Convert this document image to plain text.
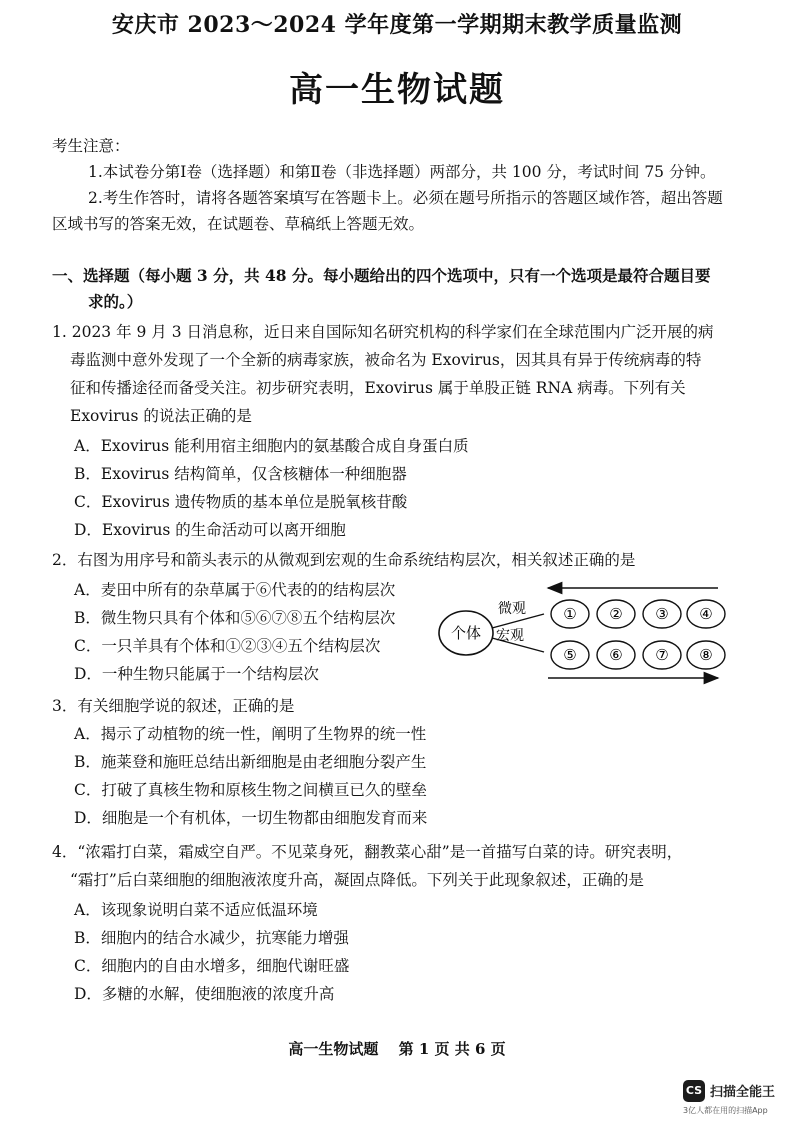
安庆市 2023～2024 学年度第一学期期末教学质量监测
高一生物试题
考生注意：
1.本试卷分第Ⅰ卷（选择题）和第Ⅱ卷（非选择题）两部分，共 100 分，考试时间 75 分钟。
2.考生作答时，请将各题答案填写在答题卡上。必须在题号所指示的答题区域作答，超出答题
区域书写的答案无效，在试题卷、草稿纸上答题无效。
一、选择题（每小题 3 分，共 48 分。每小题给出的四个选项中，只有一个选项是最符合题目要
求的。）
1. 2023 年 9 月 3 日消息称，近日来自国际知名研究机构的科学家们在全球范围内广泛开展的病
毒监测中意外发现了一个全新的病毒家族，被命名为 Exovirus，因其具有异于传统病毒的特
征和传播途径而备受关注。初步研究表明，Exovirus 属于单股正链 RNA 病毒。下列有关
Exovirus 的说法正确的是
A．Exovirus 能利用宿主细胞内的氨基酸合成自身蛋白质
B．Exovirus 结构简单，仅含核糖体一种细胞器
C．Exovirus 遗传物质的基本单位是脱氧核苷酸
D．Exovirus 的生命活动可以离开细胞
2．右图为用序号和箭头表示的从微观到宏观的生命系统结构层次，相关叙述正确的是
A．麦田中所有的杂草属于⑥代表的的结构层次
B．微生物只具有个体和⑤⑥⑦⑧五个结构层次
C．一只羊具有个体和①②③④五个结构层次
D．一种生物只能属于一个结构层次
个体
微观
宏观
① ② ③ ④
⑤ ⑥ ⑦ ⑧
3．有关细胞学说的叙述，正确的是
A．揭示了动植物的统一性，阐明了生物界的统一性
B．施莱登和施旺总结出新细胞是由老细胞分裂产生
C．打破了真核生物和原核生物之间横亘已久的壁垒
D．细胞是一个有机体，一切生物都由细胞发育而来
4．“浓霜打白菜，霜威空自严。不见菜身死，翻教菜心甜”是一首描写白菜的诗。研究表明，
“霜打”后白菜细胞的细胞液浓度升高，凝固点降低。下列关于此现象叙述，正确的是
A．该现象说明白菜不适应低温环境
B．细胞内的结合水减少，抗寒能力增强
C．细胞内的自由水增多，细胞代谢旺盛
D．多糖的水解，使细胞液的浓度升高
高一生物试题　 第 1 页 共 6 页
CS 扫描全能王
3亿人都在用的扫描App
